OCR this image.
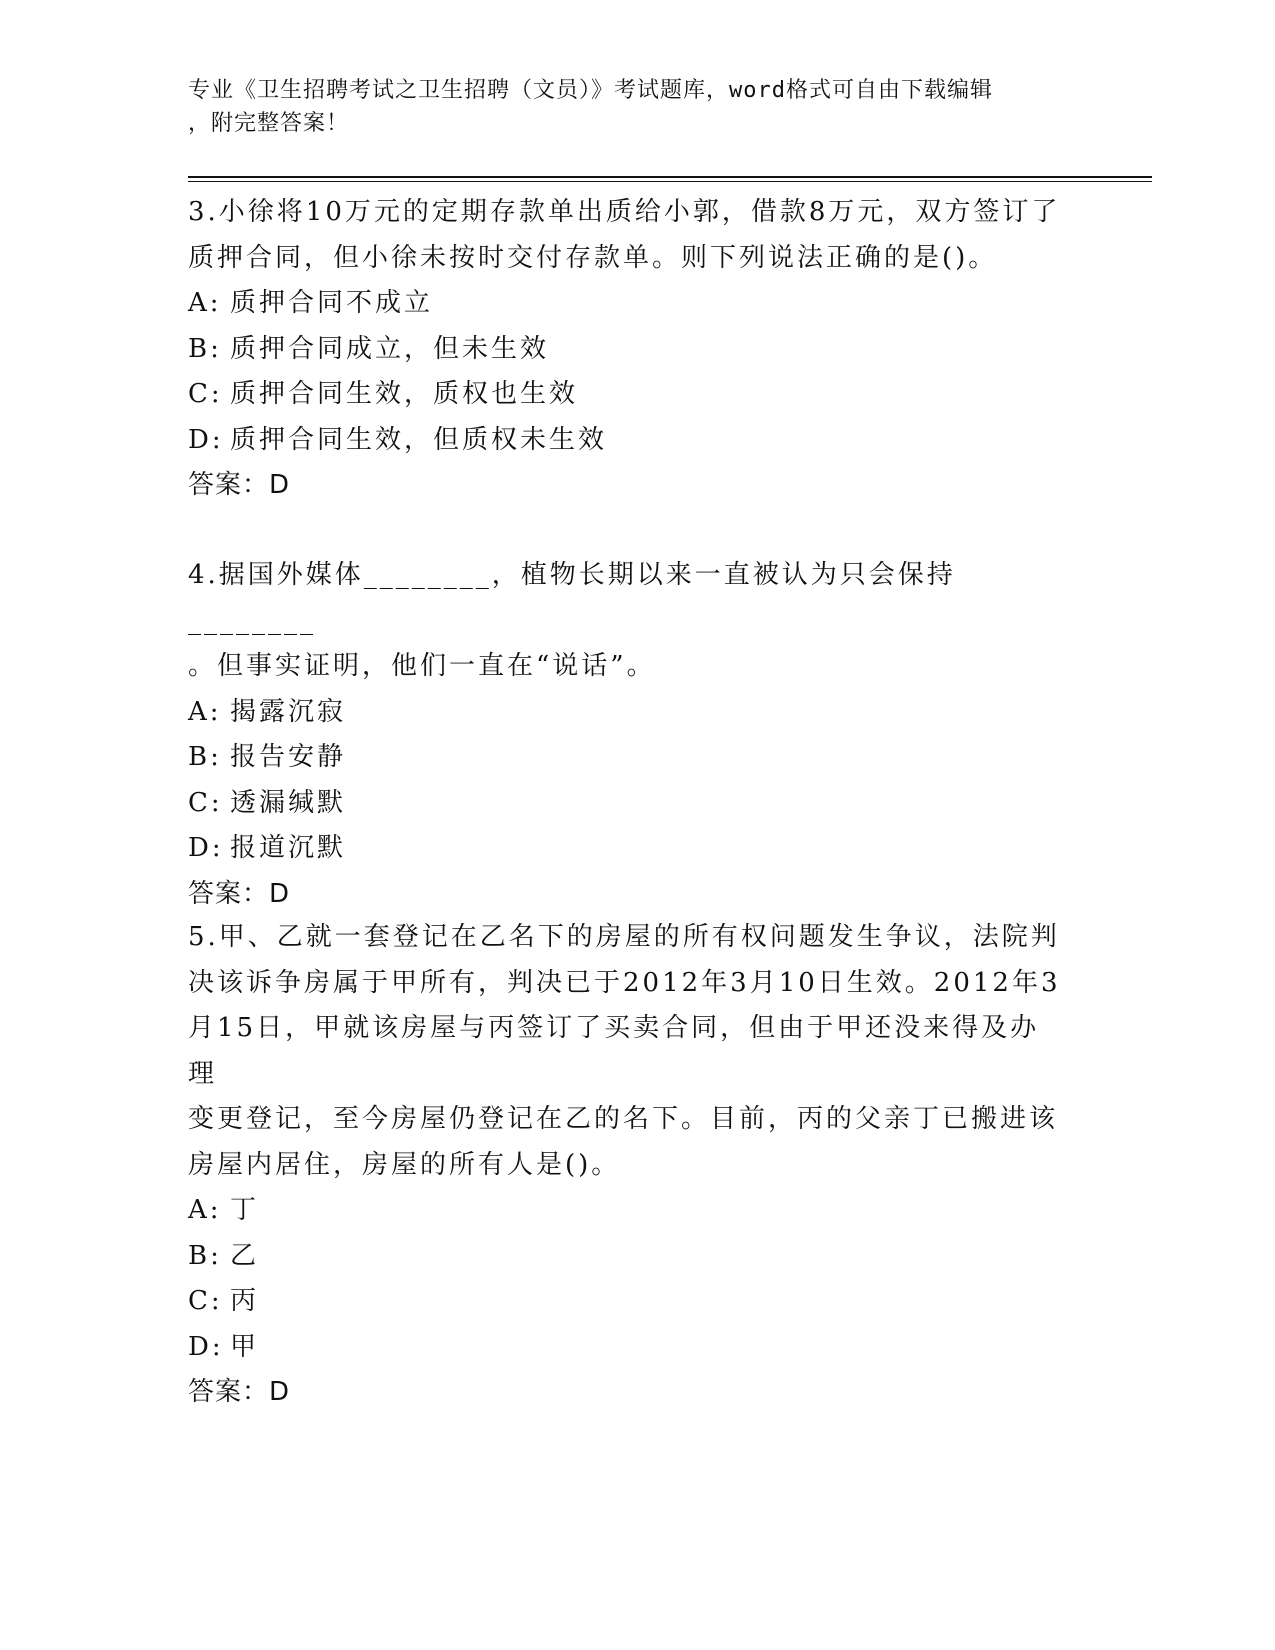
专业《卫生招聘考试之卫生招聘（文员）》考试题库，word格式可自由下载编辑
，附完整答案！

3.小徐将10万元的定期存款单出质给小郭，借款8万元，双方签订了

质押合同，但小徐未按时交付存款单。则下列说法正确的是()。

A: 质押合同不成立

B: 质押合同成立，但未生效

C: 质押合同生效，质权也生效

D: 质押合同生效，但质权未生效

答案：D

4.据国外媒体________，植物长期以来一直被认为只会保持________

。但事实证明，他们一直在“说话”。

A: 揭露沉寂

B: 报告安静

C: 透漏缄默

D: 报道沉默

答案：D

5.甲、乙就一套登记在乙名下的房屋的所有权问题发生争议，法院判

决该诉争房属于甲所有，判决已于2012年3月10日生效。2012年3

月15日，甲就该房屋与丙签订了买卖合同，但由于甲还没来得及办理

变更登记，至今房屋仍登记在乙的名下。目前，丙的父亲丁已搬进该

房屋内居住，房屋的所有人是()。

A: 丁

B: 乙

C: 丙

D: 甲

答案：D
